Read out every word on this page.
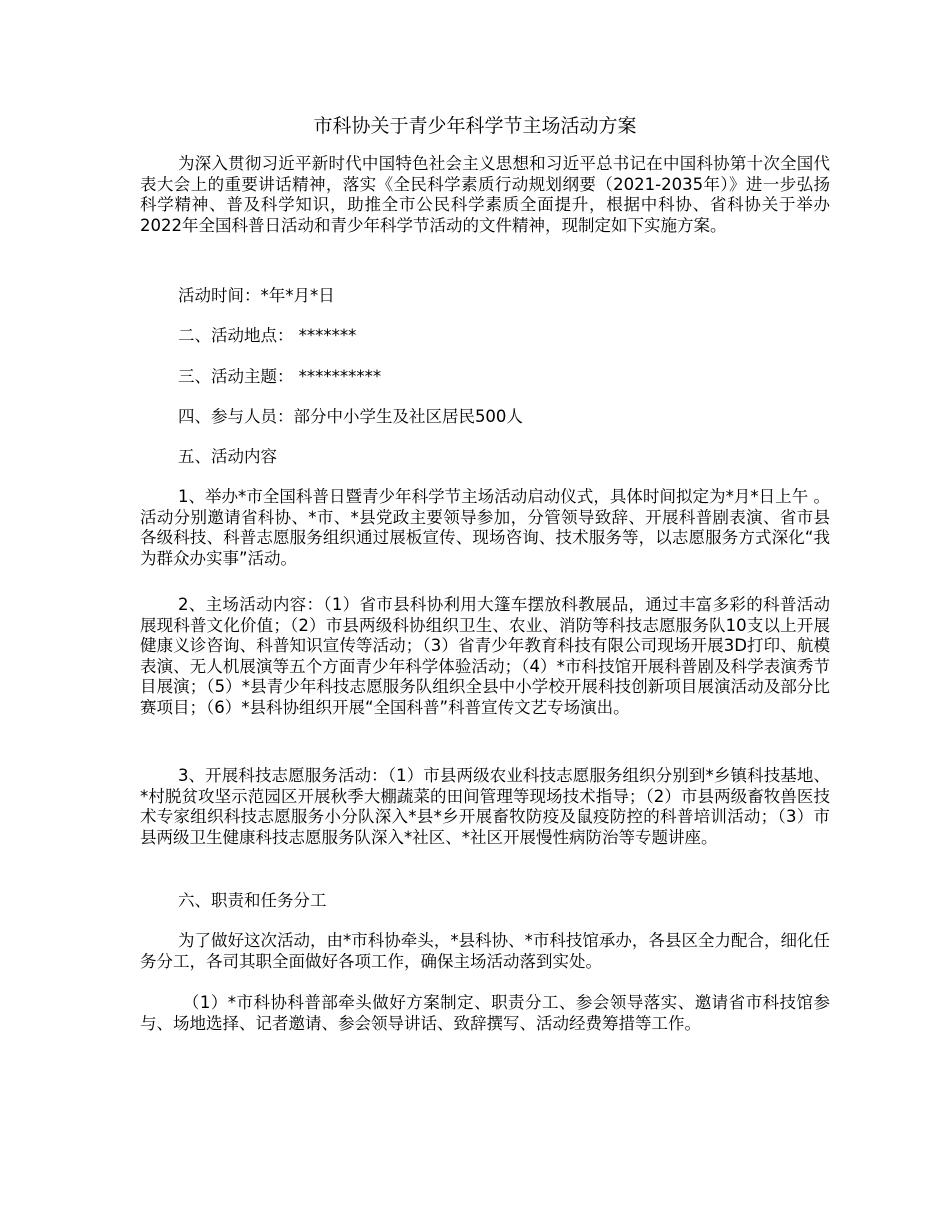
市科协关于青少年科学节主场活动方案

为深入贯彻习近平新时代中国特色社会主义思想和习近平总书记在中国科协第十次全国代表大会上的重要讲话精神，落实《全民科学素质行动规划纲要（2021-2035年）》进一步弘扬科学精神、普及科学知识，助推全市公民科学素质全面提升，根据中科协、省科协关于举办2022年全国科普日活动和青少年科学节活动的文件精神，现制定如下实施方案。

活动时间：*年*月*日

二、活动地点： *******

三、活动主题： **********

四、参与人员：部分中小学生及社区居民500人

五、活动内容

1、举办*市全国科普日暨青少年科学节主场活动启动仪式，具体时间拟定为*月*日上午 。活动分别邀请省科协、*市、*县党政主要领导参加，分管领导致辞、开展科普剧表演、省市县各级科技、科普志愿服务组织通过展板宣传、现场咨询、技术服务等，以志愿服务方式深化“我为群众办实事”活动。

2、主场活动内容：（1）省市县科协利用大篷车摆放科教展品，通过丰富多彩的科普活动展现科普文化价值；（2）市县两级科协组织卫生、农业、消防等科技志愿服务队10支以上开展健康义诊咨询、科普知识宣传等活动；（3）省青少年教育科技有限公司现场开展3D打印、航模表演、无人机展演等五个方面青少年科学体验活动；（4）*市科技馆开展科普剧及科学表演秀节目展演；（5）*县青少年科技志愿服务队组织全县中小学校开展科技创新项目展演活动及部分比赛项目；（6）*县科协组织开展“全国科普”科普宣传文艺专场演出。

3、开展科技志愿服务活动：（1）市县两级农业科技志愿服务组织分别到*乡镇科技基地、*村脱贫攻坚示范园区开展秋季大棚蔬菜的田间管理等现场技术指导；（2）市县两级畜牧兽医技术专家组织科技志愿服务小分队深入*县*乡开展畜牧防疫及鼠疫防控的科普培训活动；（3）市县两级卫生健康科技志愿服务队深入*社区、*社区开展慢性病防治等专题讲座。

六、职责和任务分工

为了做好这次活动，由*市科协牵头，*县科协、*市科技馆承办，各县区全力配合，细化任务分工，各司其职全面做好各项工作，确保主场活动落到实处。

（1）*市科协科普部牵头做好方案制定、职责分工、参会领导落实、邀请省市科技馆参与、场地选择、记者邀请、参会领导讲话、致辞撰写、活动经费筹措等工作。
